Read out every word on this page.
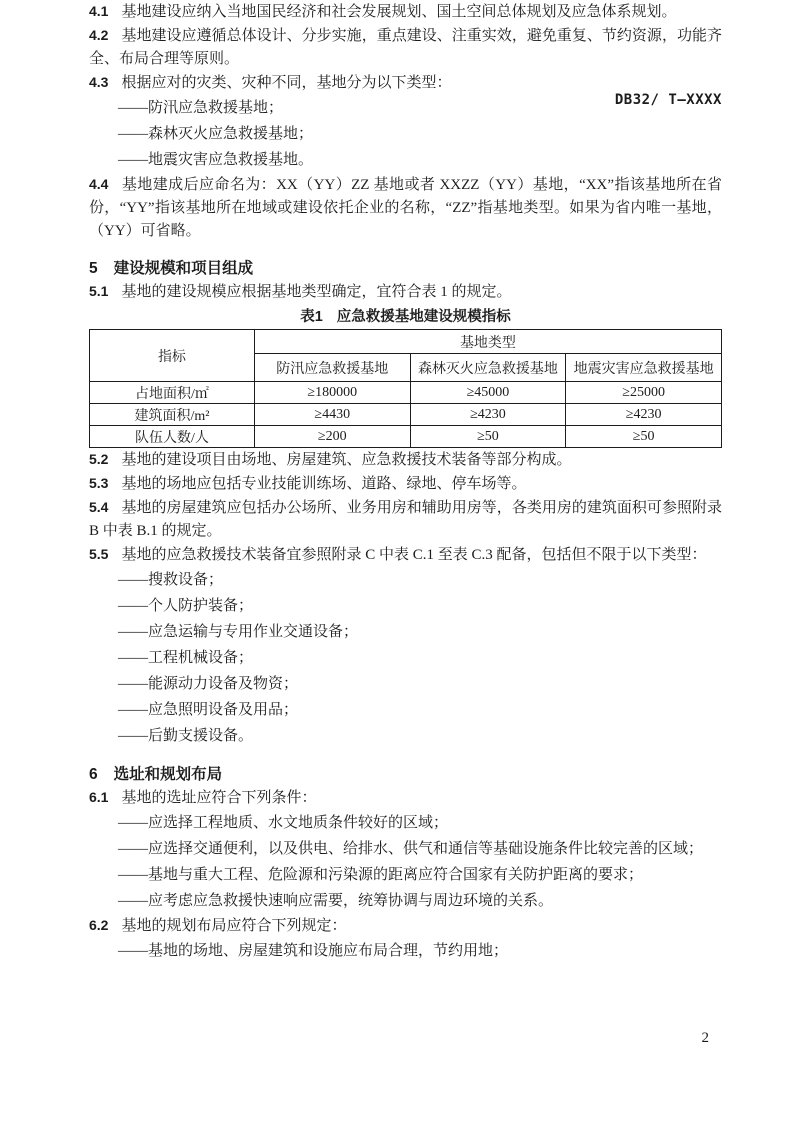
DB32/ T—XXXX

4.1 基地建设应纳入当地国民经济和社会发展规划、国土空间总体规划及应急体系规划。

4.2 基地建设应遵循总体设计、分步实施，重点建设、注重实效，避免重复、节约资源，功能齐全、布局合理等原则。

4.3 根据应对的灾类、灾种不同，基地分为以下类型：

——防汛应急救援基地；

——森林灭火应急救援基地；

——地震灾害应急救援基地。

4.4 基地建成后应命名为：XX（YY）ZZ 基地或者 XXZZ（YY）基地，“XX”指该基地所在省份，“YY”指该基地所在地域或建设依托企业的名称，“ZZ”指基地类型。如果为省内唯一基地，（YY）可省略。

5 建设规模和项目组成

5.1 基地的建设规模应根据基地类型确定，宜符合表 1 的规定。

表1 应急救援基地建设规模指标

指标	基地类型		
	防汛应急救援基地	森林灭火应急救援基地	地震灾害应急救援基地
占地面积/㎡	≥180000	≥45000	≥25000
建筑面积/m²	≥4430	≥4230	≥4230
队伍人数/人	≥200	≥50	≥50

5.2 基地的建设项目由场地、房屋建筑、应急救援技术装备等部分构成。

5.3 基地的场地应包括专业技能训练场、道路、绿地、停车场等。

5.4 基地的房屋建筑应包括办公场所、业务用房和辅助用房等，各类用房的建筑面积可参照附录 B 中表 B.1 的规定。

5.5 基地的应急救援技术装备宜参照附录 C 中表 C.1 至表 C.3 配备，包括但不限于以下类型：

——搜救设备；

——个人防护装备；

——应急运输与专用作业交通设备；

——工程机械设备；

——能源动力设备及物资；

——应急照明设备及用品；

——后勤支援设备。

6 选址和规划布局

6.1 基地的选址应符合下列条件：

——应选择工程地质、水文地质条件较好的区域；

——应选择交通便利，以及供电、给排水、供气和通信等基础设施条件比较完善的区域；

——基地与重大工程、危险源和污染源的距离应符合国家有关防护距离的要求；

——应考虑应急救援快速响应需要，统筹协调与周边环境的关系。

6.2 基地的规划布局应符合下列规定：

——基地的场地、房屋建筑和设施应布局合理，节约用地；

2
